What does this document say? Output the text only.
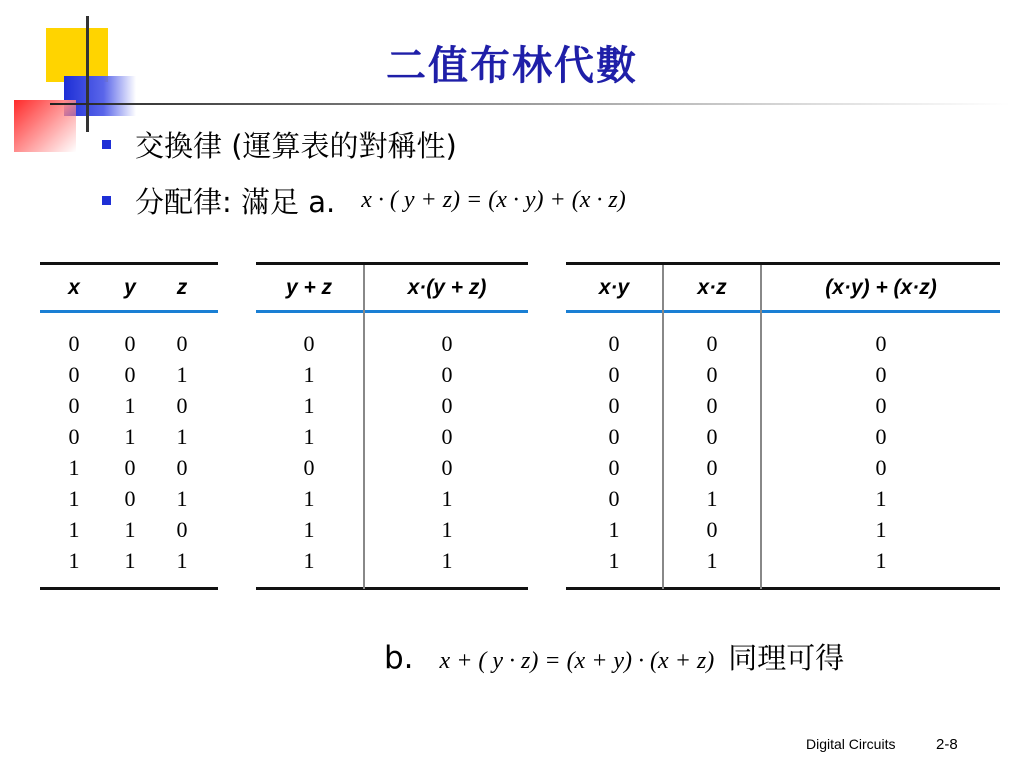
二值布林代數
交換律 (運算表的對稱性)
分配律: 滿足 a. x · ( y + z) = (x · y) + (x · z)
x
0
0
0
0
1
1
1
1
y
0
0
1
1
0
0
1
1
z
0
1
0
1
0
1
0
1
y + z
0
1
1
1
0
1
1
1
x·(y + z)
0
0
0
0
0
1
1
1
x·y
0
0
0
0
0
0
1
1
x·z
0
0
0
0
0
1
0
1
(x·y) + (x·z)
0
0
0
0
0
1
1
1
b. x + ( y · z) = (x + y) · (x + z) 同理可得
Digital Circuits	2-8
